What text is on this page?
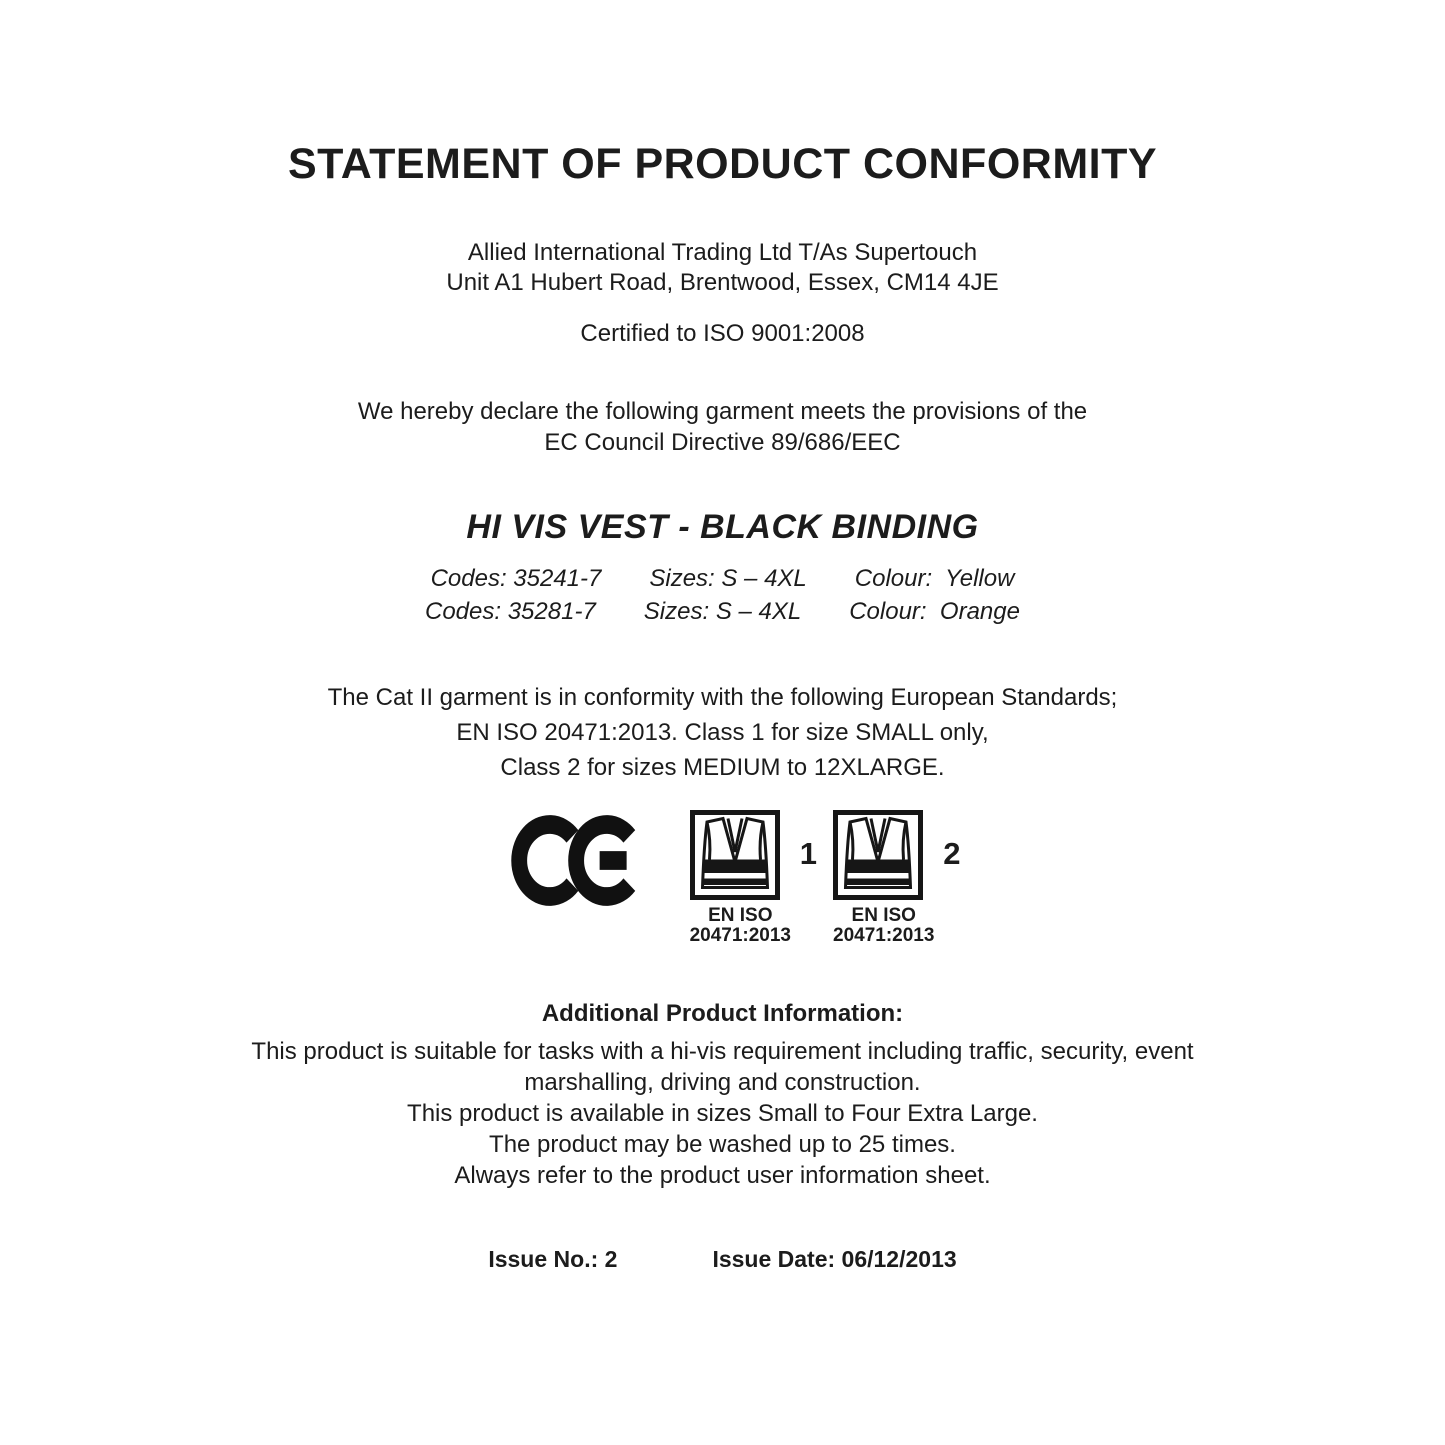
STATEMENT OF PRODUCT CONFORMITY
Allied International Trading Ltd T/As Supertouch
Unit A1 Hubert Road, Brentwood, Essex, CM14 4JE
Certified to ISO 9001:2008
We hereby declare the following garment meets the provisions of the
EC Council Directive 89/686/EEC
HI VIS VEST - BLACK BINDING
Codes: 35241-7 Sizes: S – 4XL Colour:  Yellow
Codes: 35281-7 Sizes: S – 4XL Colour:  Orange
The Cat II garment is in conformity with the following European Standards;
EN ISO 20471:2013. Class 1 for size SMALL only,
Class 2 for sizes MEDIUM to 12XLARGE.
1
EN ISO
20471:2013
2
EN ISO
20471:2013
Additional Product Information:
This product is suitable for tasks with a hi-vis requirement including traffic, security, event
marshalling, driving and construction.
This product is available in sizes Small to Four Extra Large.
The product may be washed up to 25 times.
Always refer to the product user information sheet.
Issue No.: 2	Issue Date: 06/12/2013
